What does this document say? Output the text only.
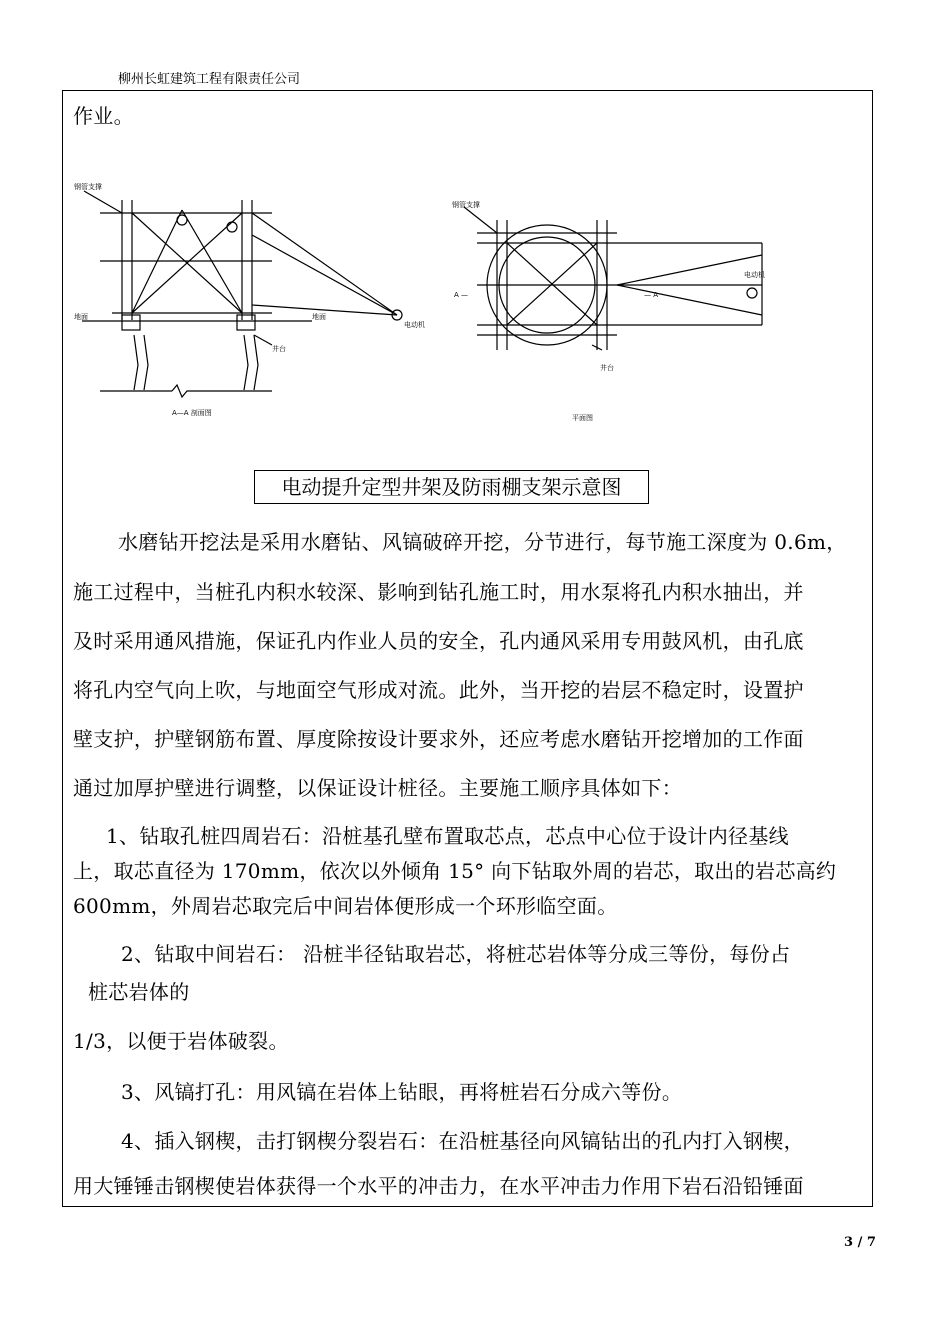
柳州长虹建筑工程有限责任公司
作业。
钢管支撑
地面	地面
电动机
井台
A—A 剖面图
钢管支撑
电动机
井台
A —	— A
平面图
电动提升定型井架及防雨棚支架示意图
水磨钻开挖法是采用水磨钻、风镐破碎开挖，分节进行，每节施工深度为 0.6m，
施工过程中，当桩孔内积水较深、影响到钻孔施工时，用水泵将孔内积水抽出，并
及时采用通风措施，保证孔内作业人员的安全，孔内通风采用专用鼓风机，由孔底
将孔内空气向上吹，与地面空气形成对流。此外，当开挖的岩层不稳定时，设置护
壁支护，护壁钢筋布置、厚度除按设计要求外，还应考虑水磨钻开挖增加的工作面
通过加厚护壁进行调整，以保证设计桩径。主要施工顺序具体如下：
1、钻取孔桩四周岩石：沿桩基孔壁布置取芯点，芯点中心位于设计内径基线
上，取芯直径为 170mm，依次以外倾角 15° 向下钻取外周的岩芯，取出的岩芯高约
600mm，外周岩芯取完后中间岩体便形成一个环形临空面。
2、钻取中间岩石： 沿桩半径钻取岩芯，将桩芯岩体等分成三等份，每份占
桩芯岩体的
1/3，以便于岩体破裂。
3、风镐打孔：用风镐在岩体上钻眼，再将桩岩石分成六等份。
4、插入钢楔，击打钢楔分裂岩石：在沿桩基径向风镐钻出的孔内打入钢楔，
用大锤锤击钢楔使岩体获得一个水平的冲击力，在水平冲击力作用下岩石沿铅锤面
3 / 7
